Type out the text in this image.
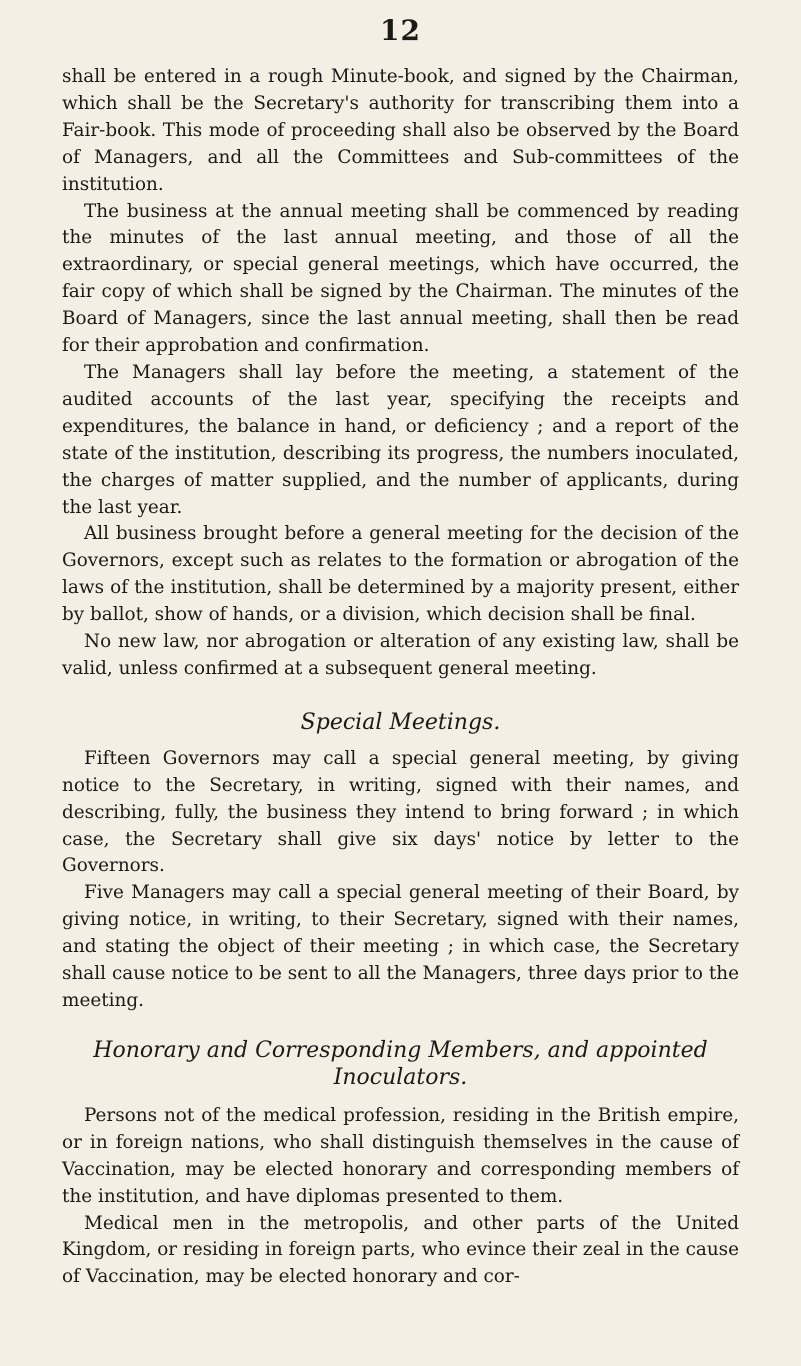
12

shall be entered in a rough Minute-book, and signed by the Chairman, which shall be the Secretary's authority for transcribing them into a Fair-book. This mode of proceeding shall also be observed by the Board of Managers, and all the Committees and Sub-committees of the institution.

The business at the annual meeting shall be commenced by reading the minutes of the last annual meeting, and those of all the extraordinary, or special general meetings, which have occurred, the fair copy of which shall be signed by the Chairman. The minutes of the Board of Managers, since the last annual meeting, shall then be read for their approbation and confirmation.

The Managers shall lay before the meeting, a statement of the audited accounts of the last year, specifying the receipts and expenditures, the balance in hand, or deficiency ; and a report of the state of the institution, describing its progress, the numbers inoculated, the charges of matter supplied, and the number of applicants, during the last year.

All business brought before a general meeting for the decision of the Governors, except such as relates to the formation or abrogation of the laws of the institution, shall be determined by a majority present, either by ballot, show of hands, or a division, which decision shall be final.

No new law, nor abrogation or alteration of any existing law, shall be valid, unless confirmed at a subsequent general meeting.

Special Meetings.

Fifteen Governors may call a special general meeting, by giving notice to the Secretary, in writing, signed with their names, and describing, fully, the business they intend to bring forward ; in which case, the Secretary shall give six days' notice by letter to the Governors.

Five Managers may call a special general meeting of their Board, by giving notice, in writing, to their Secretary, signed with their names, and stating the object of their meeting ; in which case, the Secretary shall cause notice to be sent to all the Managers, three days prior to the meeting.

Honorary and Corresponding Members, and appointed Inoculators.

Persons not of the medical profession, residing in the British empire, or in foreign nations, who shall distinguish themselves in the cause of Vaccination, may be elected honorary and corresponding members of the institution, and have diplomas presented to them.

Medical men in the metropolis, and other parts of the United Kingdom, or residing in foreign parts, who evince their zeal in the cause of Vaccination, may be elected honorary and cor-
